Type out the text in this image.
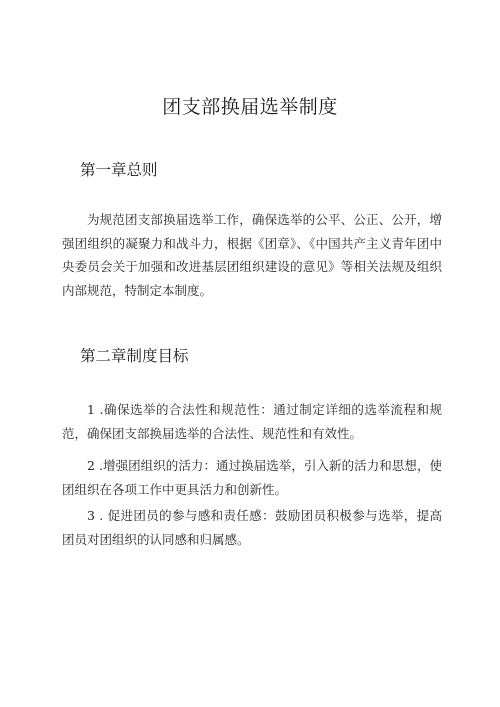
团支部换届选举制度
第一章总则

为规范团支部换届选举工作，确保选举的公平、公正、公开，增强团组织的凝聚力和战斗力，根据《团章》、《中国共产主义青年团中央委员会关于加强和改进基层团组织建设的意见》等相关法规及组织内部规范，特制定本制度。

第二章制度目标

1 .确保选举的合法性和规范性：通过制定详细的选举流程和规范，确保团支部换届选举的合法性、规范性和有效性。

2 .增强团组织的活力：通过换届选举，引入新的活力和思想，使团组织在各项工作中更具活力和创新性。

3 . 促进团员的参与感和责任感：鼓励团员积极参与选举，提高团员对团组织的认同感和归属感。
